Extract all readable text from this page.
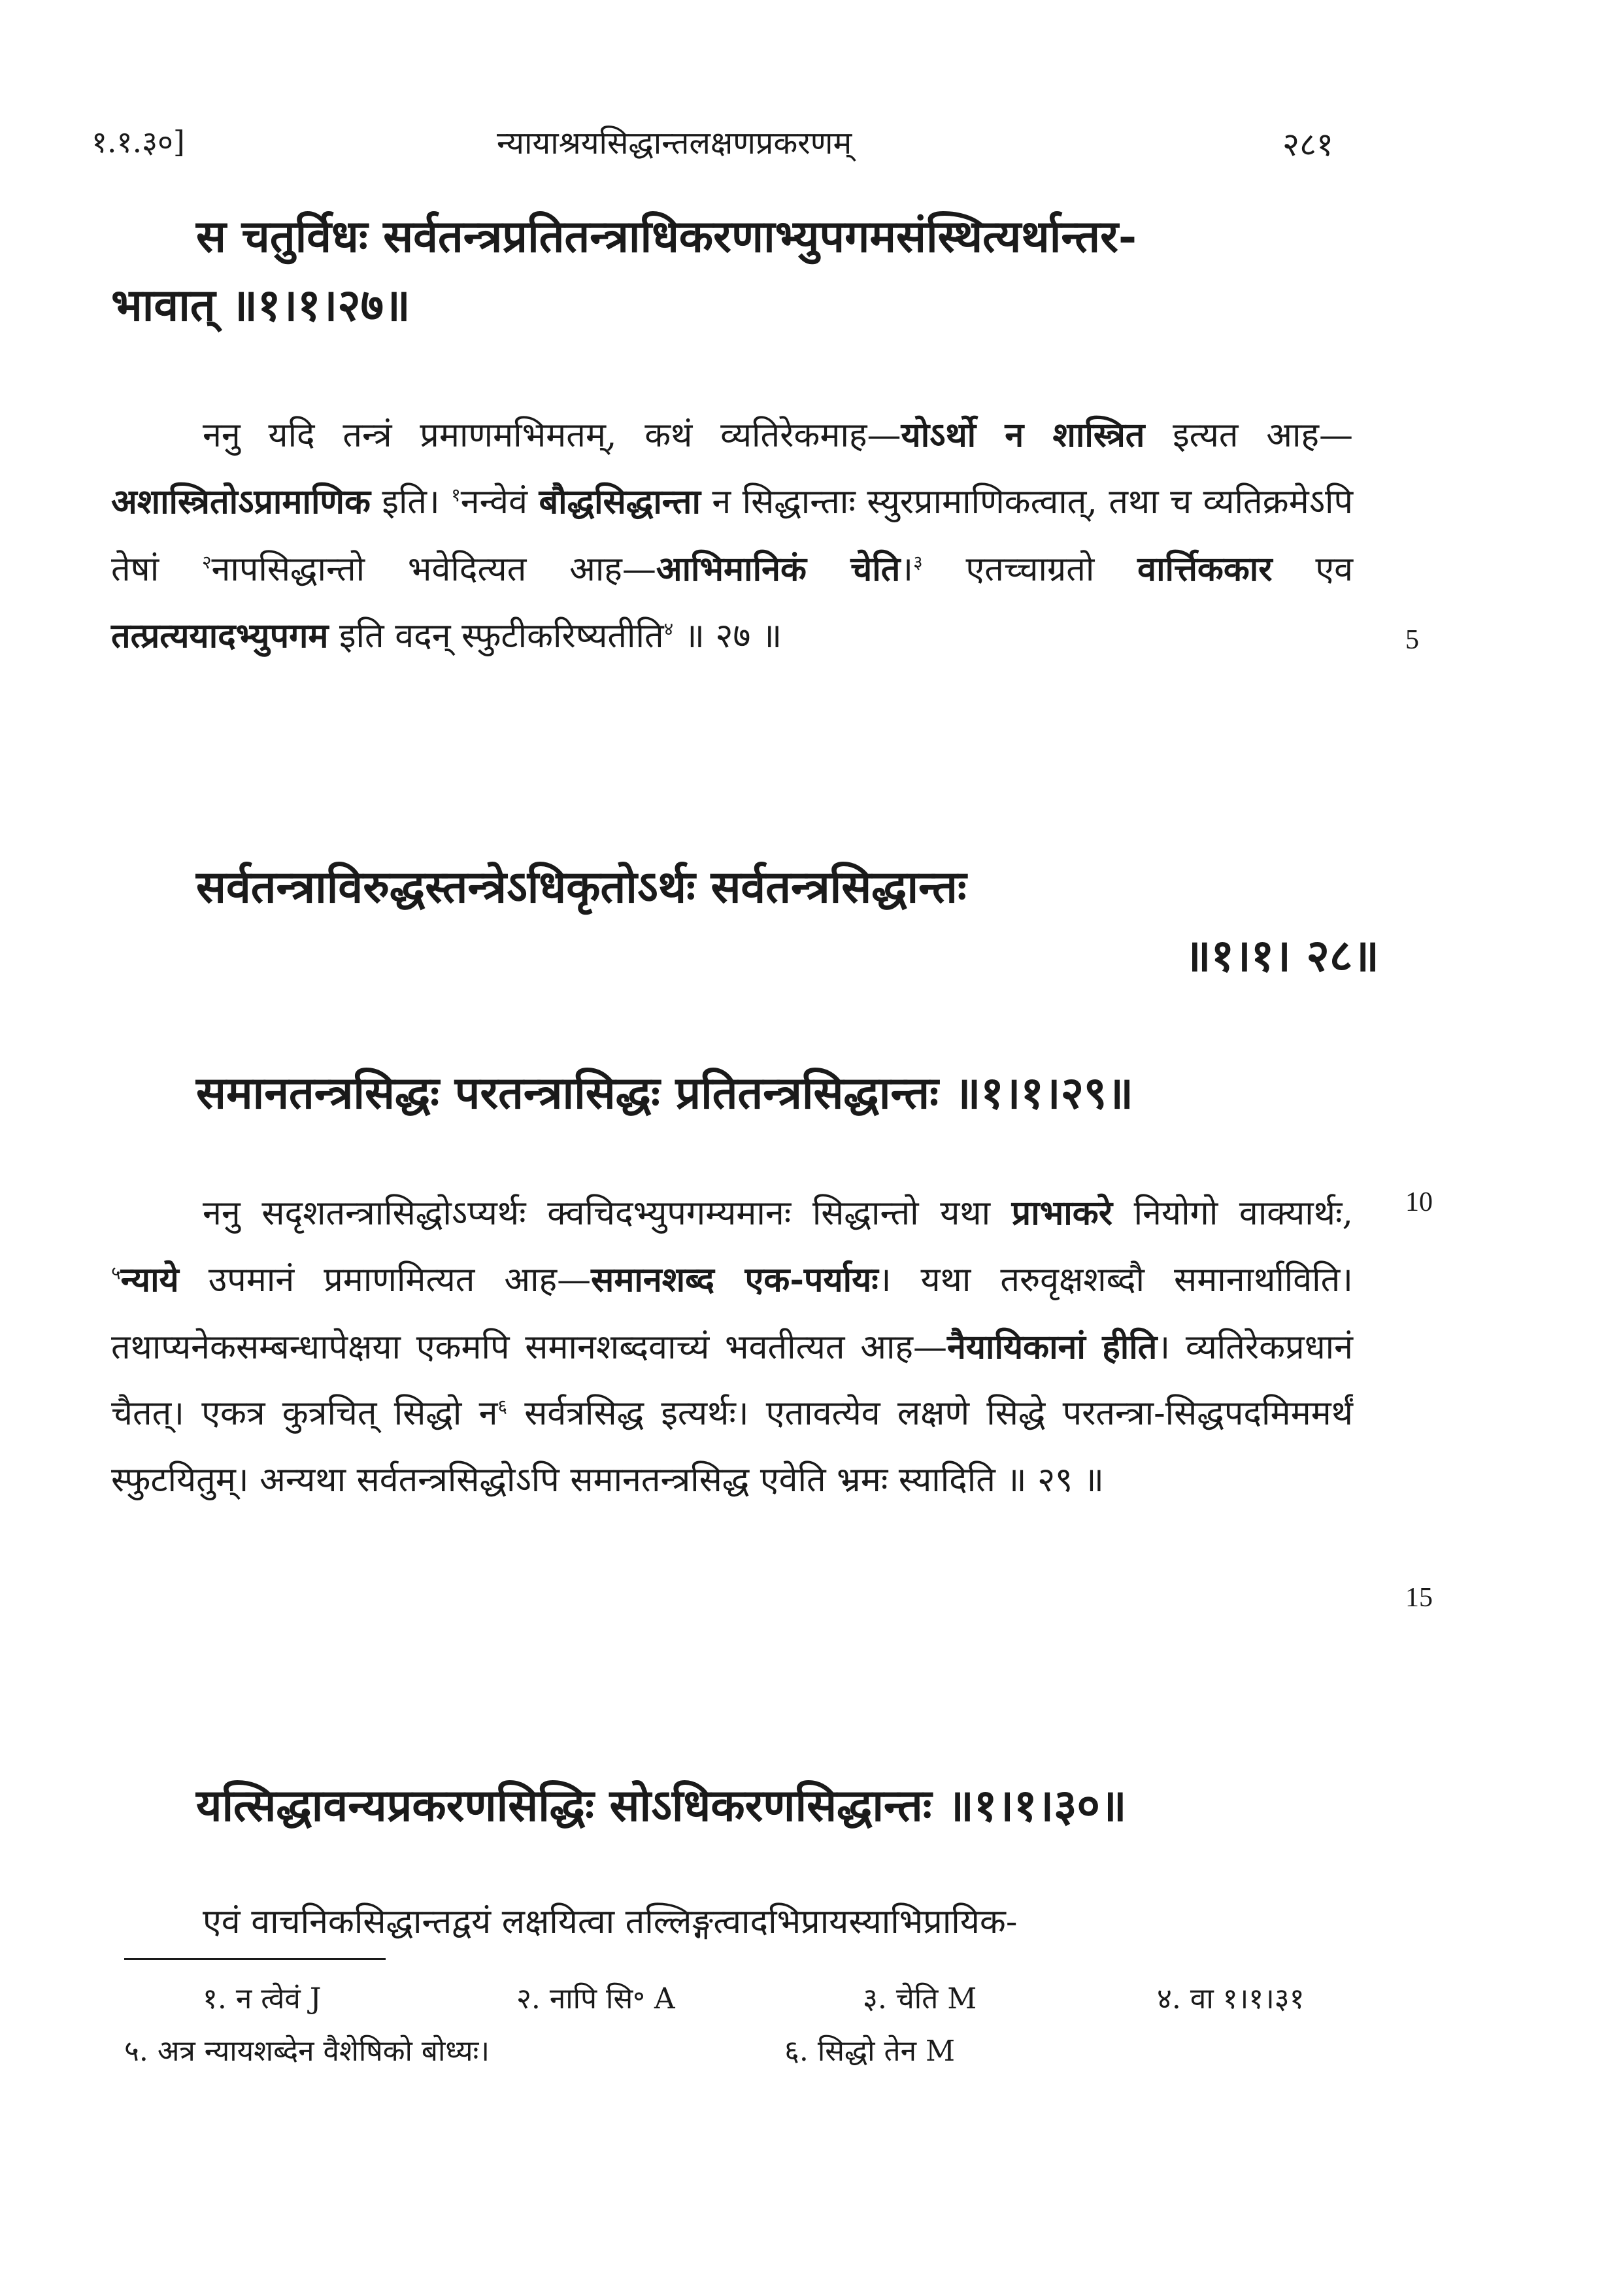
१.१.३०]	न्यायाश्रयसिद्धान्तलक्षणप्रकरणम्	२८१
स चतुर्विधः सर्वतन्त्रप्रतितन्त्राधिकरणाभ्युपगमसंस्थित्यर्थान्तर-
भावात् ॥१।१।२७॥
ननु यदि तन्त्रं प्रमाणमभिमतम्, कथं व्यतिरेकमाह—योऽर्थो न शास्त्रित इत्यत आह—अशास्त्रितोऽप्रामाणिक इति। $^१$नन्वेवं बौद्धसिद्धान्ता न सिद्धान्ताः स्युरप्रामाणिकत्वात्, तथा च व्यतिक्रमेऽपि तेषां $^२$नापसिद्धान्तो भवेदित्यत आह—आभिमानिकं चेति।$^३$ एतच्चाग्रतो वार्त्तिककार एव तत्प्रत्ययादभ्युपगम इति वदन् स्फुटीकरिष्यतीति$^४$ ॥ २७ ॥	5
सर्वतन्त्राविरुद्धस्तन्त्रेऽधिकृतोऽर्थः सर्वतन्त्रसिद्धान्तः
॥१।१। २८॥
समानतन्त्रसिद्धः परतन्त्रासिद्धः प्रतितन्त्रसिद्धान्तः ॥१।१।२९॥
ननु सदृशतन्त्रासिद्धोऽप्यर्थः क्वचिदभ्युपगम्यमानः सिद्धान्तो यथा प्राभाकरे नियोगो वाक्यार्थः, $^५$न्याये उपमानं प्रमाणमित्यत आह—समानशब्द एक-पर्यायः। यथा तरुवृक्षशब्दौ समानार्थाविति। तथाप्यनेकसम्बन्धापेक्षया एकमपि समानशब्दवाच्यं भवतीत्यत आह—नैयायिकानां हीति। व्यतिरेकप्रधानं चैतत्। एकत्र कुत्रचित् सिद्धो न$^६$ सर्वत्रसिद्ध इत्यर्थः। एतावत्येव लक्षणे सिद्धे परतन्त्रा-सिद्धपदमिममर्थं स्फुटयितुम्। अन्यथा सर्वतन्त्रसिद्धोऽपि समानतन्त्रसिद्ध एवेति भ्रमः स्यादिति ॥ २९ ॥
10
15
यत्सिद्धावन्यप्रकरणसिद्धिः सोऽधिकरणसिद्धान्तः ॥१।१।३०॥
एवं वाचनिकसिद्धान्तद्वयं लक्षयित्वा तल्लिङ्गत्वादभिप्रायस्याभिप्रायिक-
१. न त्वेवं J	२. नापि सि॰ A	३. चेति M	४. वा १।१।३१
५. अत्र न्यायशब्देन वैशेषिको बोध्यः।	६. सिद्धो तेन M
